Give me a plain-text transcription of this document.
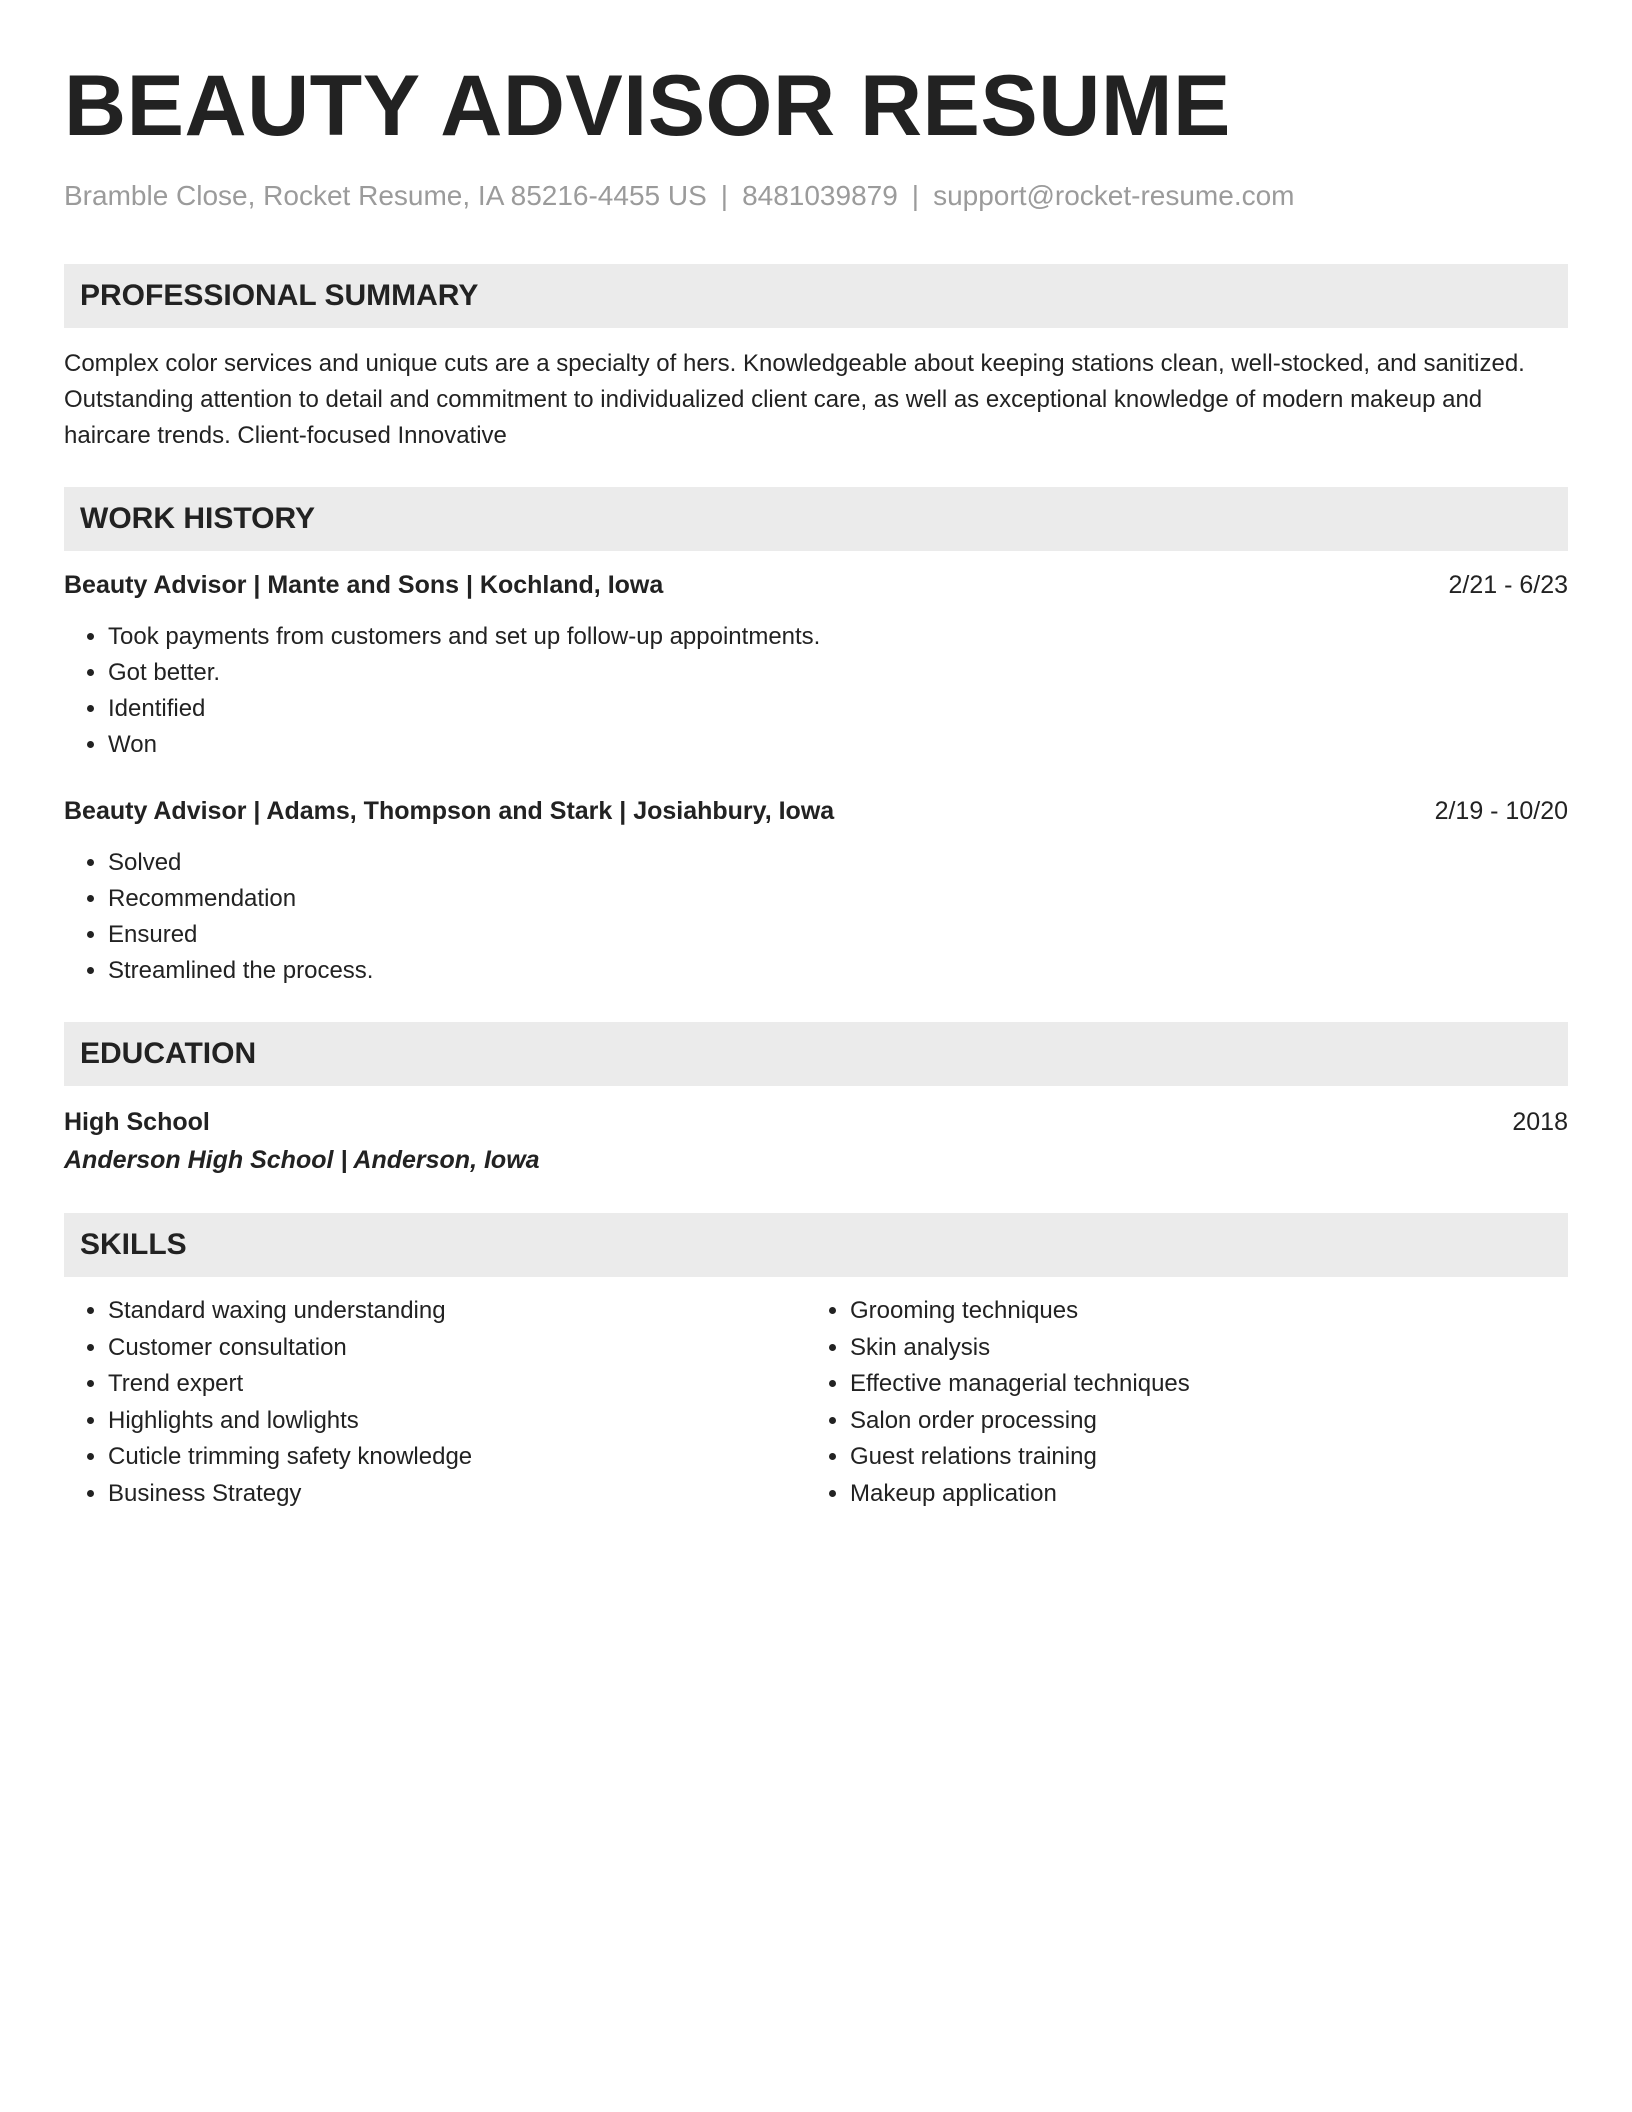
BEAUTY ADVISOR RESUME
Bramble Close, Rocket Resume, IA 85216-4455 US | 8481039879 | support@rocket-resume.com
PROFESSIONAL SUMMARY
Complex color services and unique cuts are a specialty of hers. Knowledgeable about keeping stations clean, well-stocked, and sanitized. Outstanding attention to detail and commitment to individualized client care, as well as exceptional knowledge of modern makeup and haircare trends. Client-focused Innovative
WORK HISTORY
Beauty Advisor | Mante and Sons | Kochland, Iowa	2/21 - 6/23
• Took payments from customers and set up follow-up appointments.
• Got better.
• Identified
• Won
Beauty Advisor | Adams, Thompson and Stark | Josiahbury, Iowa	2/19 - 10/20
• Solved
• Recommendation
• Ensured
• Streamlined the process.
EDUCATION
High School	2018
Anderson High School | Anderson, Iowa
SKILLS
• Standard waxing understanding
• Customer consultation
• Trend expert
• Highlights and lowlights
• Cuticle trimming safety knowledge
• Business Strategy
• Grooming techniques
• Skin analysis
• Effective managerial techniques
• Salon order processing
• Guest relations training
• Makeup application
